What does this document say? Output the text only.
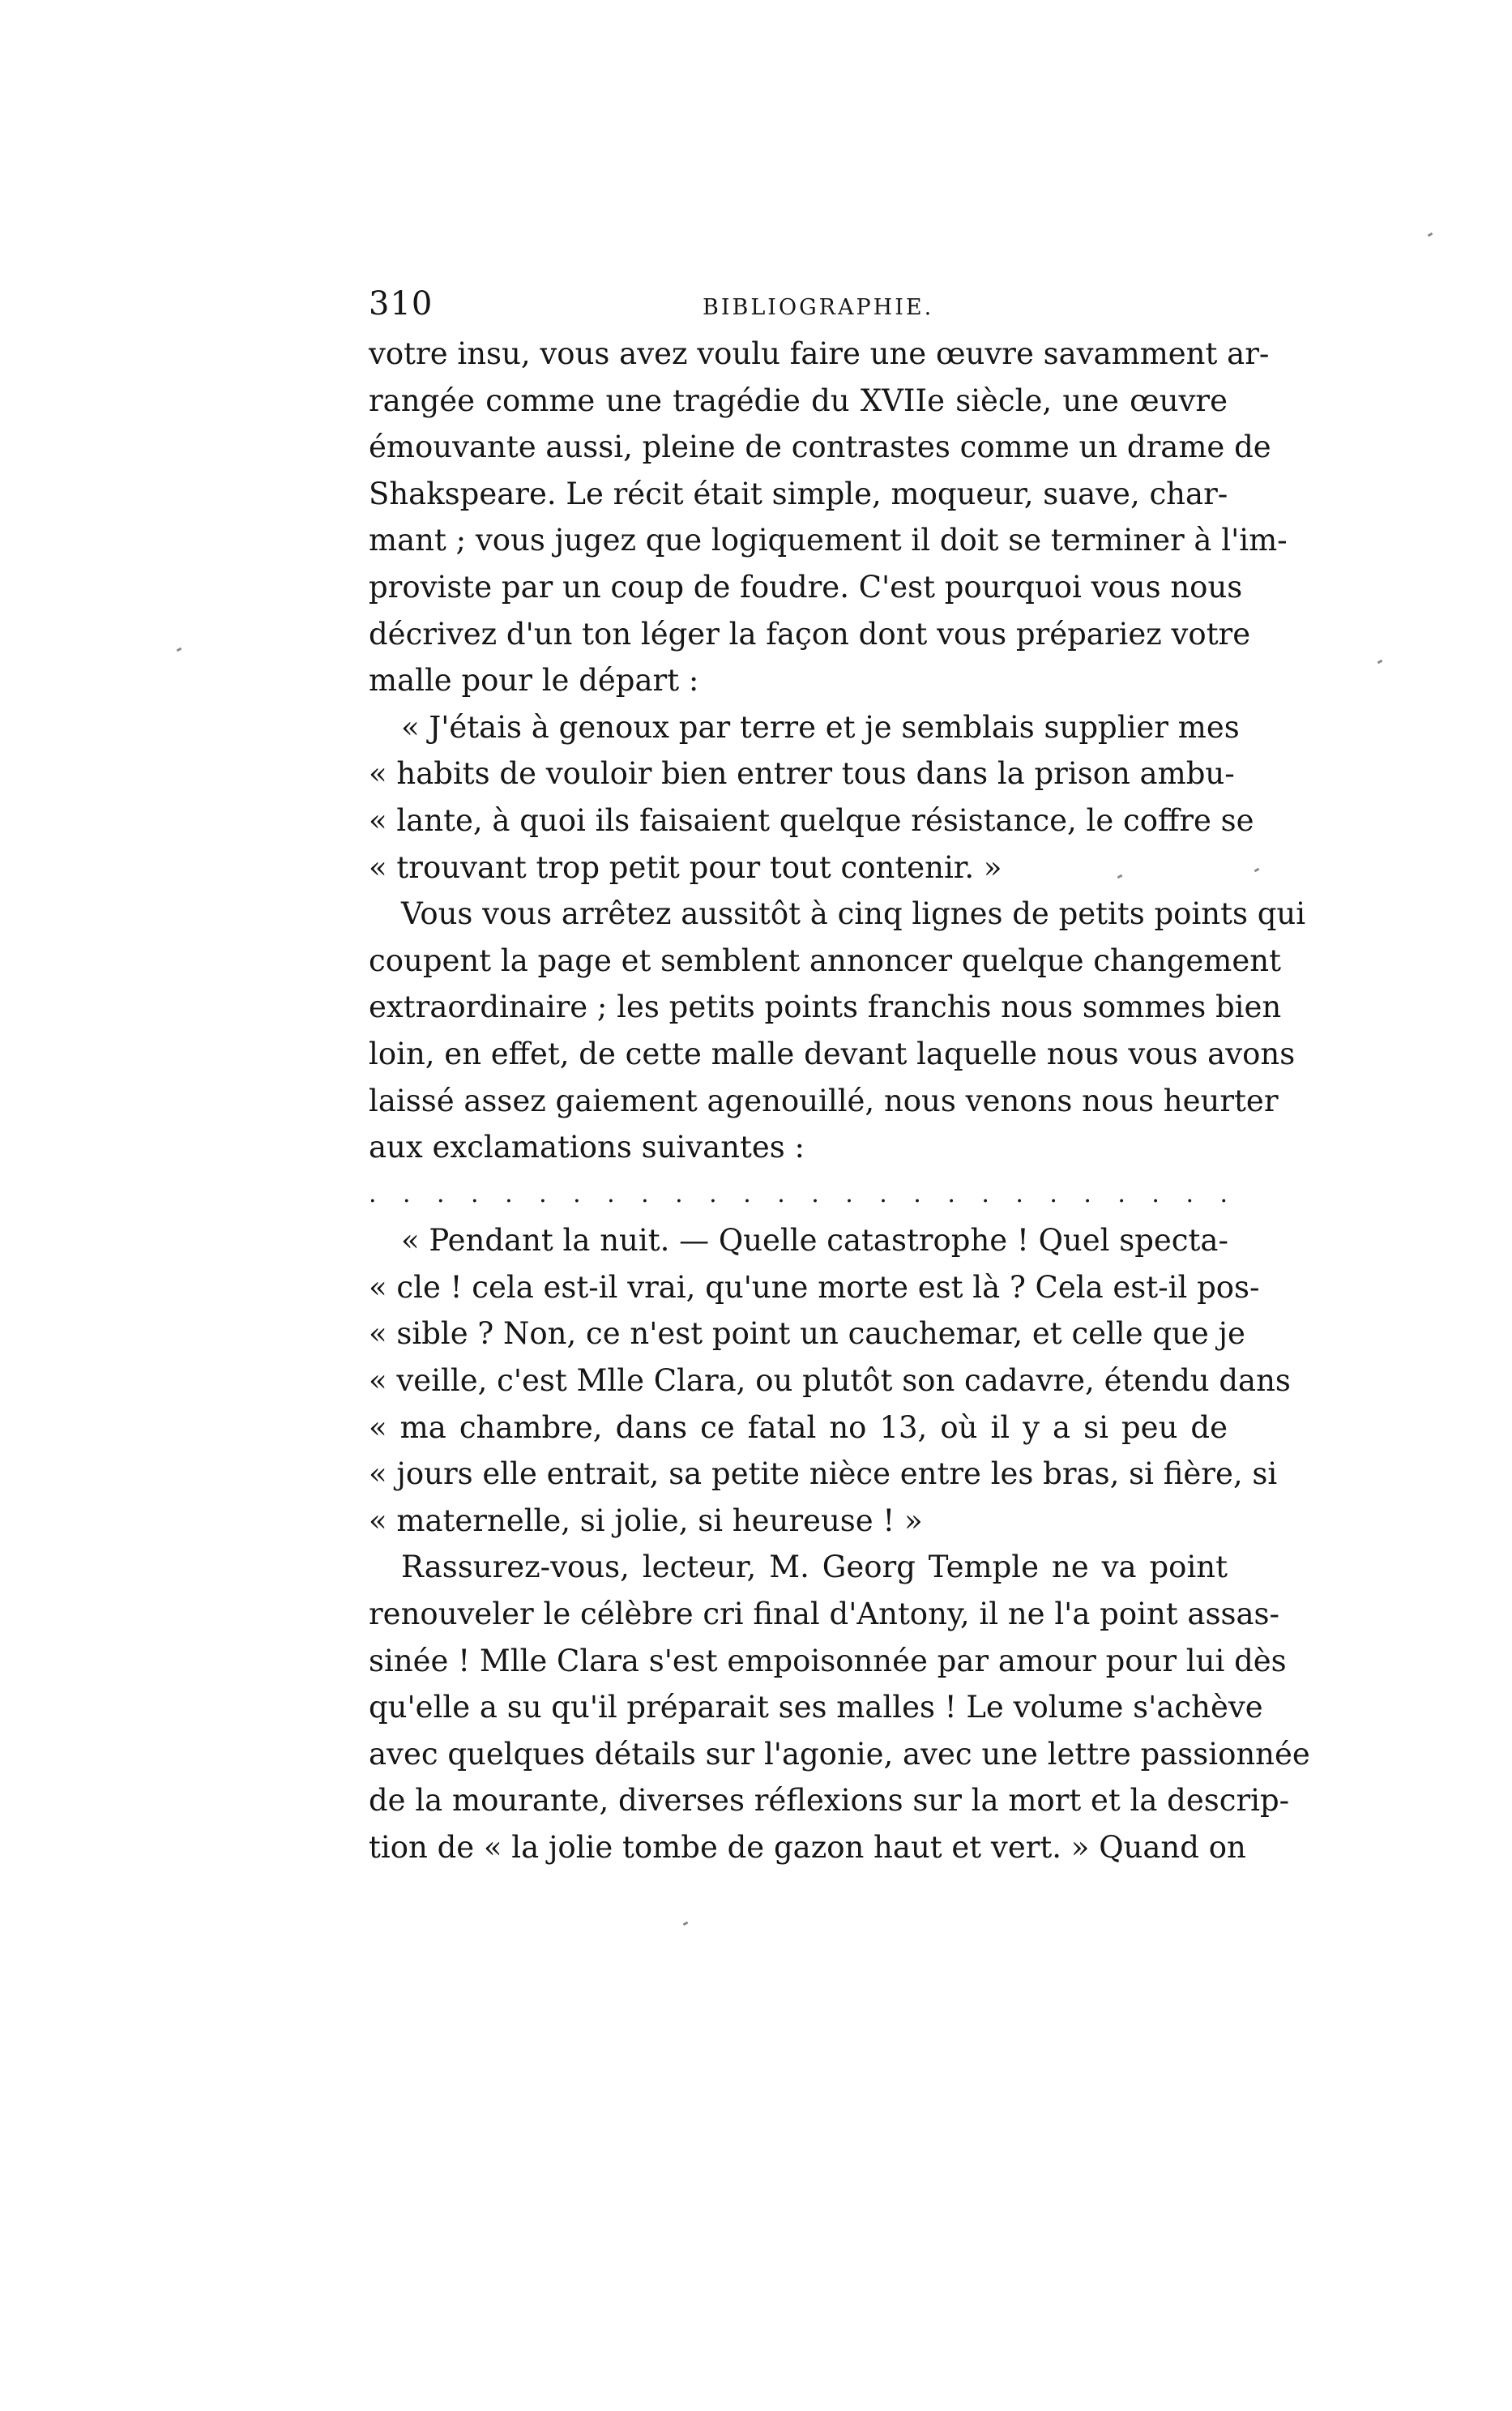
310	BIBLIOGRAPHIE.
votre insu, vous avez voulu faire une œuvre savamment ar-
rangée comme une tragédie du XVIIe siècle, une œuvre
émouvante aussi, pleine de contrastes comme un drame de
Shakspeare. Le récit était simple, moqueur, suave, char-
mant ; vous jugez que logiquement il doit se terminer à l'im-
proviste par un coup de foudre. C'est pourquoi vous nous
décrivez d'un ton léger la façon dont vous prépariez votre
malle pour le départ :
« J'étais à genoux par terre et je semblais supplier mes
« habits de vouloir bien entrer tous dans la prison ambu-
« lante, à quoi ils faisaient quelque résistance, le coffre se
« trouvant trop petit pour tout contenir. »
Vous vous arrêtez aussitôt à cinq lignes de petits points qui
coupent la page et semblent annoncer quelque changement
extraordinaire ; les petits points franchis nous sommes bien
loin, en effet, de cette malle devant laquelle nous vous avons
laissé assez gaiement agenouillé, nous venons nous heurter
aux exclamations suivantes :
. . . . . . . . . . . . . . . . . . . . . . . . . .
« Pendant la nuit. — Quelle catastrophe ! Quel specta-
« cle ! cela est-il vrai, qu'une morte est là ? Cela est-il pos-
« sible ? Non, ce n'est point un cauchemar, et celle que je
« veille, c'est Mlle Clara, ou plutôt son cadavre, étendu dans
« ma chambre, dans ce fatal no 13, où il y a si peu de
« jours elle entrait, sa petite nièce entre les bras, si fière, si
« maternelle, si jolie, si heureuse ! »
Rassurez-vous, lecteur, M. Georg Temple ne va point
renouveler le célèbre cri final d'Antony, il ne l'a point assas-
sinée ! Mlle Clara s'est empoisonnée par amour pour lui dès
qu'elle a su qu'il préparait ses malles ! Le volume s'achève
avec quelques détails sur l'agonie, avec une lettre passionnée
de la mourante, diverses réflexions sur la mort et la descrip-
tion de « la jolie tombe de gazon haut et vert. » Quand on
